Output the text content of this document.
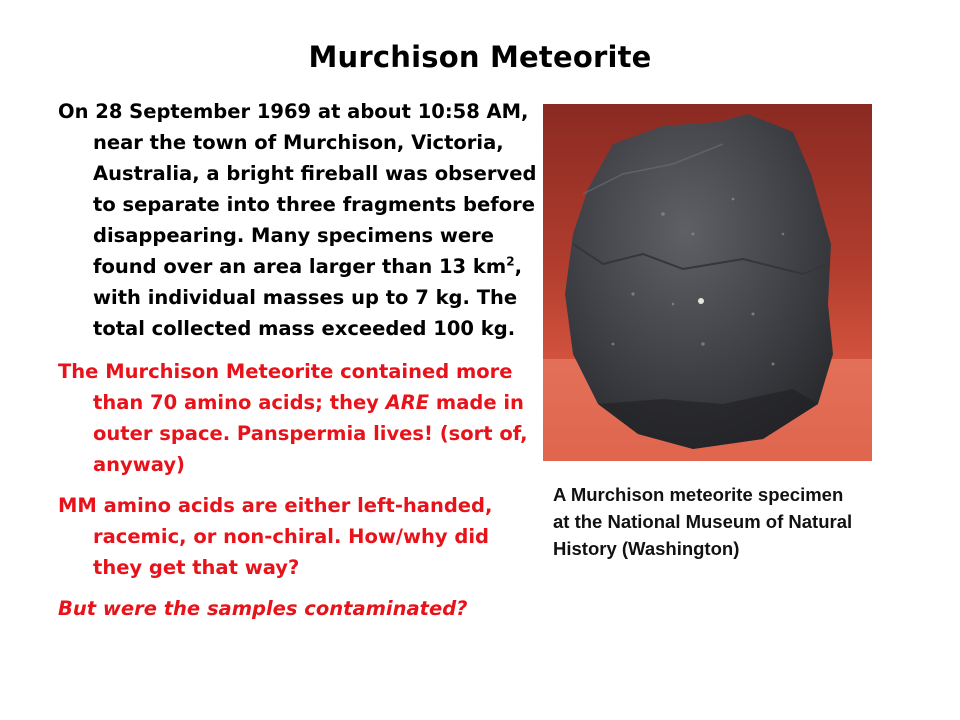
Murchison Meteorite

On 28 September 1969 at about 10:58 AM, near the town of Murchison, Victoria, Australia, a bright fireball was observed to separate into three fragments before disappearing. Many specimens were found over an area larger than 13 $km^2$, with individual masses up to 7 kg. The total collected mass exceeded 100 kg.

The Murchison Meteorite contained more than 70 amino acids; they ARE made in outer space. Panspermia lives! (sort of, anyway)

MM amino acids are either left-handed, racemic, or non-chiral. How/why did they get that way?

But were the samples contaminated?

A Murchison meteorite specimen at the National Museum of Natural History (Washington)
